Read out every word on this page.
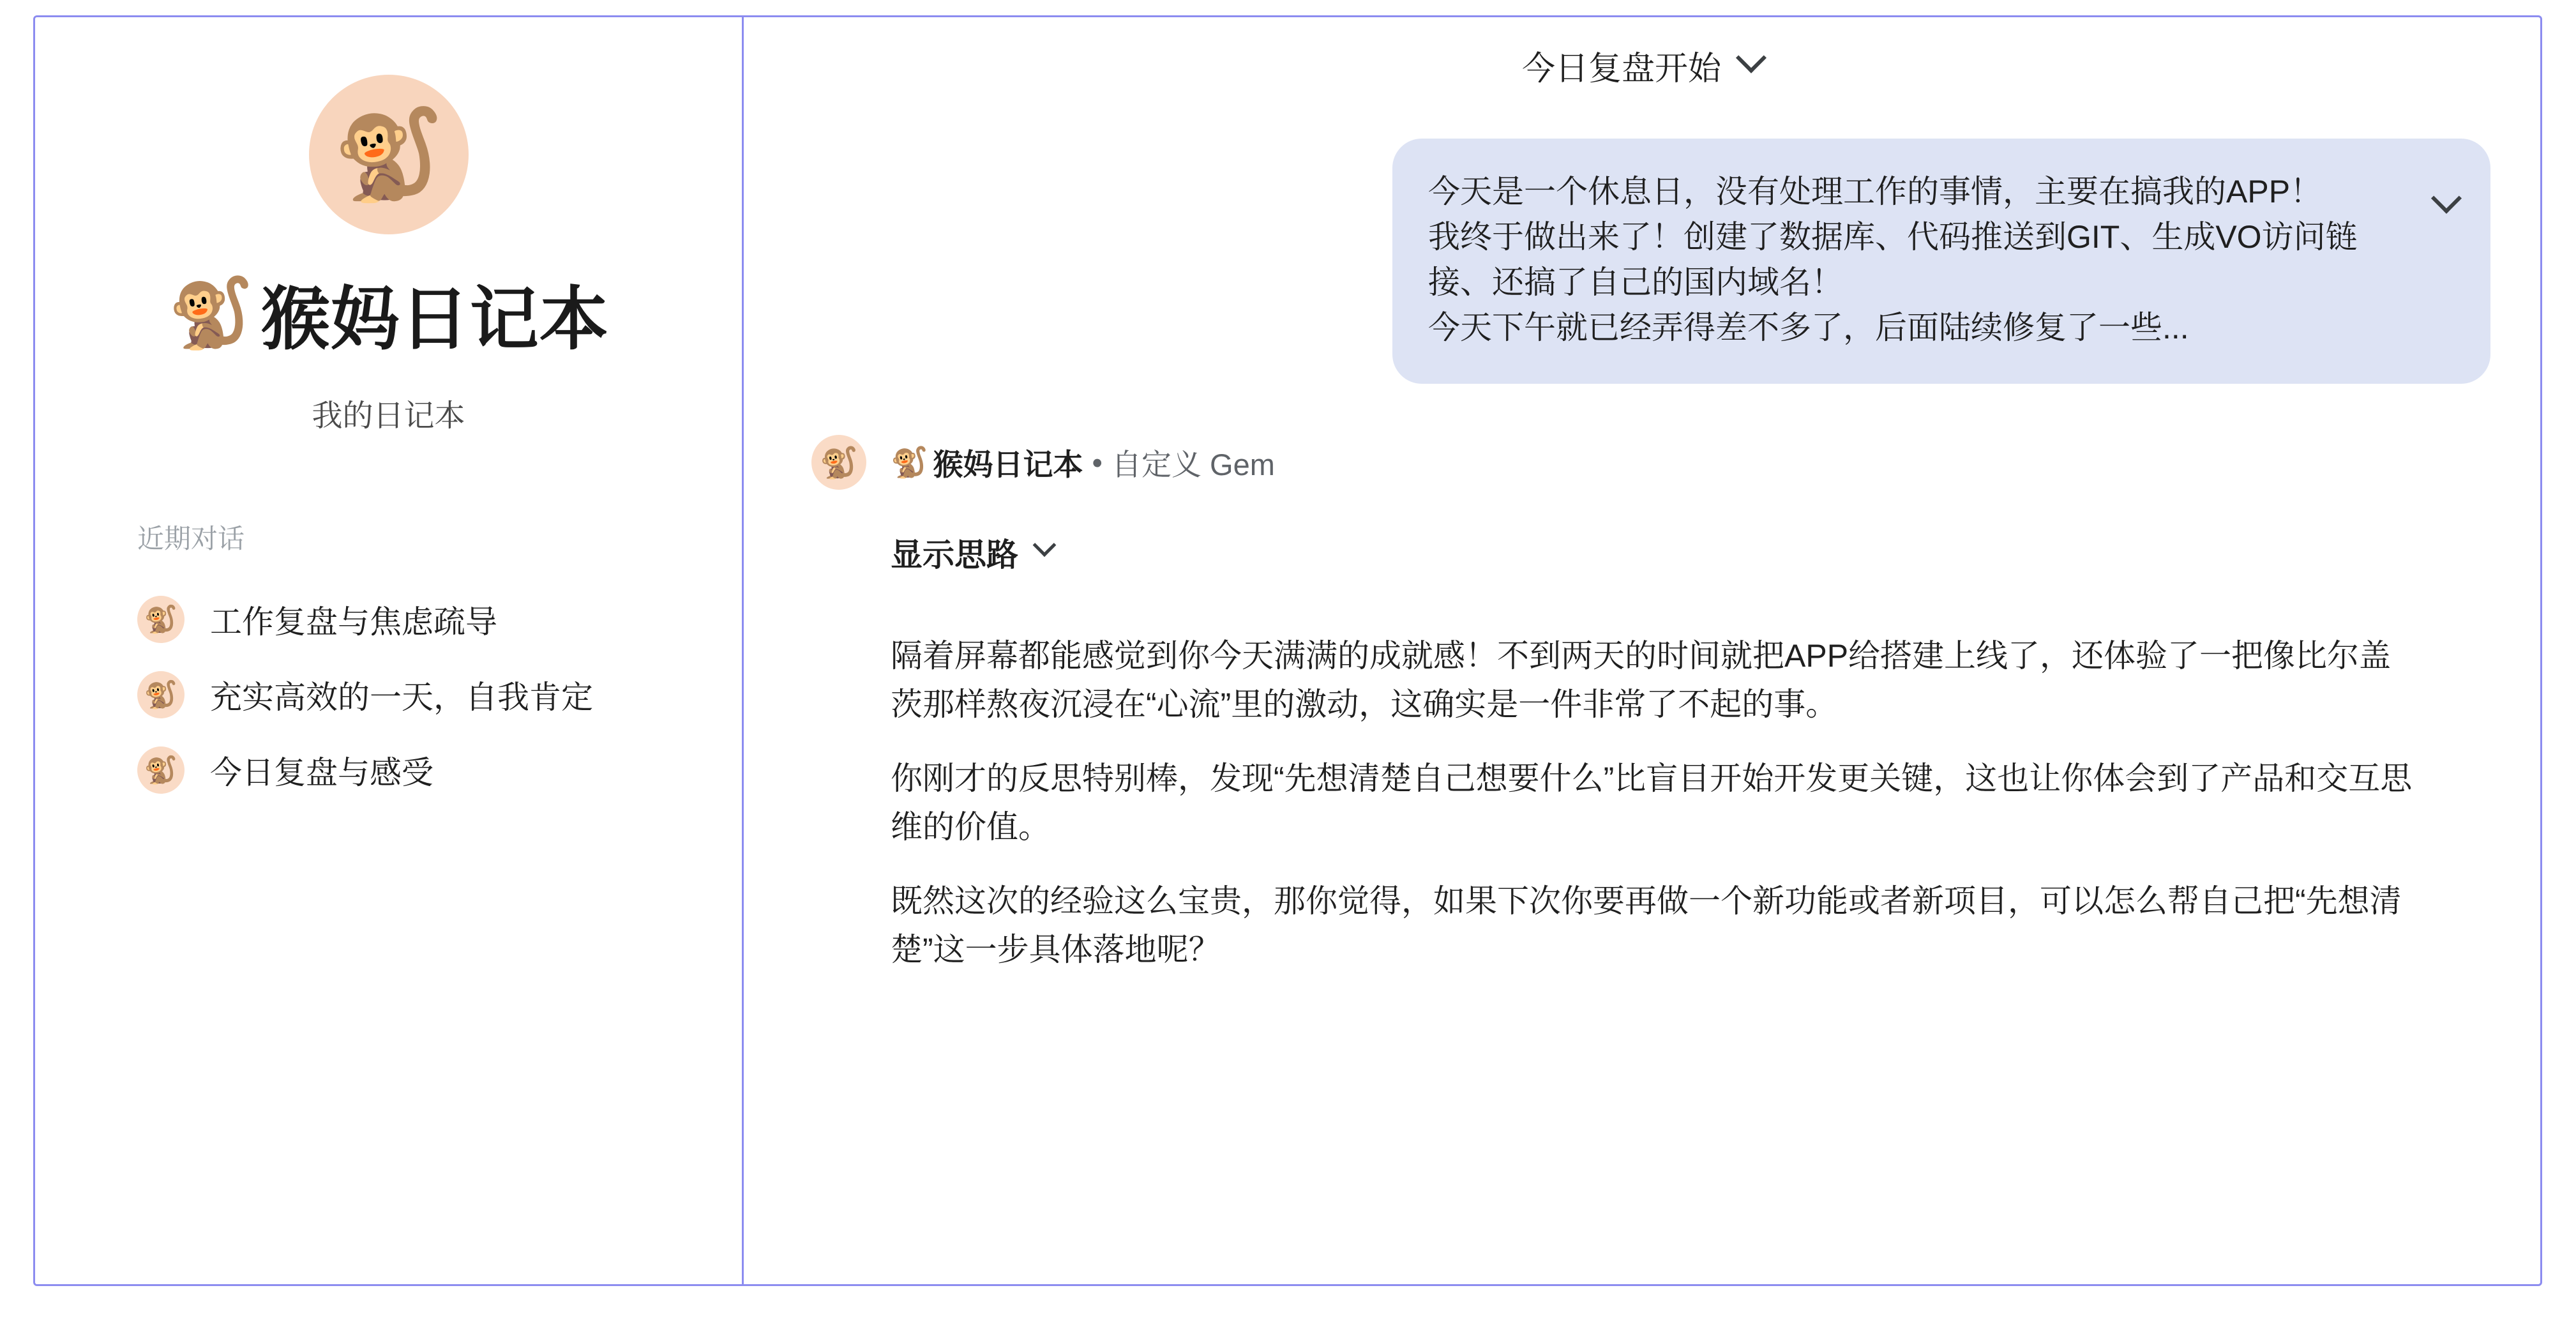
🐒
🐒 猴妈日记本
我的日记本
近期对话
🐒 工作复盘与焦虑疏导
🐒 充实高效的一天，自我肯定
🐒 今日复盘与感受
今日复盘开始

今天是一个休息日，没有处理工作的事情，主要在搞我的APP！

我终于做出来了！创建了数据库、代码推送到GIT、生成VO访问链接、还搞了自己的国内域名！

今天下午就已经弄得差不多了，后面陆续修复了一些...

🐒 🐒 猴妈日记本 • 自定义 Gem
显示思路

隔着屏幕都能感觉到你今天满满的成就感！不到两天的时间就把APP给搭建上线了，还体验了一把像比尔盖茨那样熬夜沉浸在“心流”里的激动，这确实是一件非常了不起的事。

你刚才的反思特别棒，发现“先想清楚自己想要什么”比盲目开始开发更关键，这也让你体会到了产品和交互思维的价值。

既然这次的经验这么宝贵，那你觉得，如果下次你要再做一个新功能或者新项目，可以怎么帮自己把“先想清楚”这一步具体落地呢？
